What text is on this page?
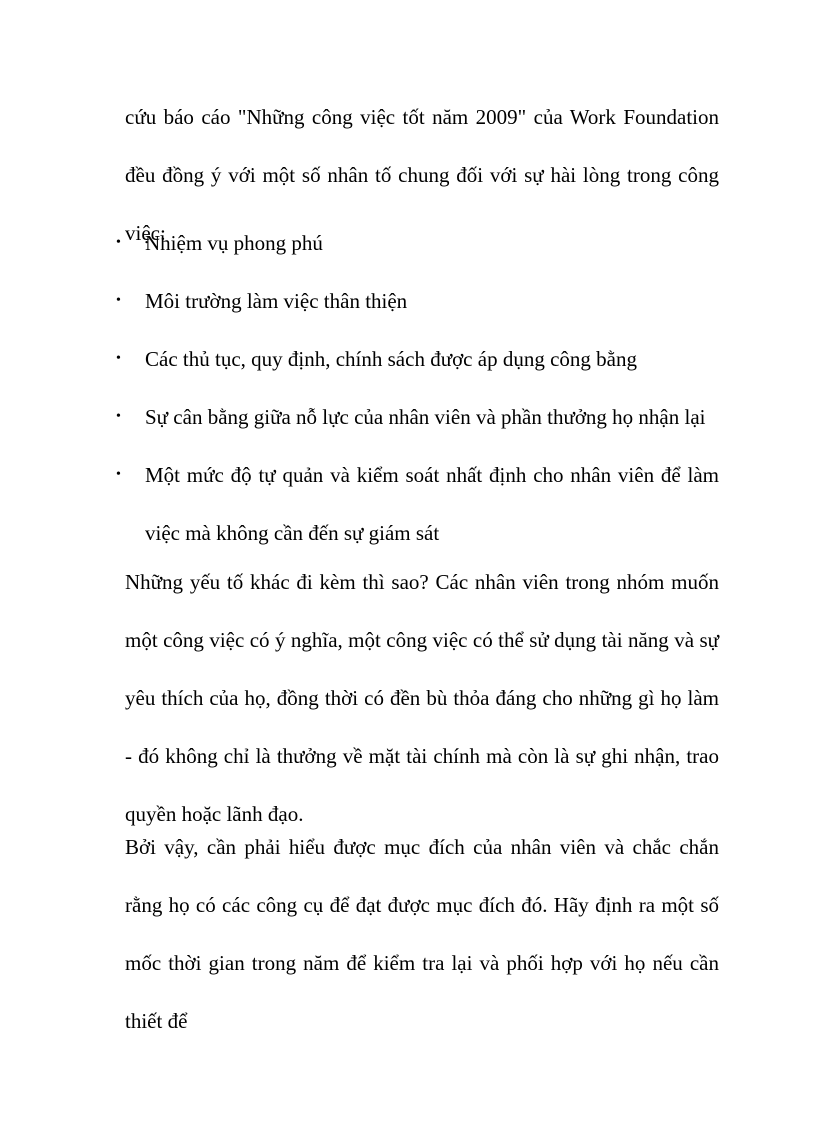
cứu báo cáo "Những công việc tốt năm 2009" của Work Foundation đều đồng ý với một số nhân tố chung đối với sự hài lòng trong công việc:

• Nhiệm vụ phong phú
• Môi trường làm việc thân thiện
• Các thủ tục, quy định, chính sách được áp dụng công bằng
• Sự cân bằng giữa nỗ lực của nhân viên và phần thưởng họ nhận lại
• Một mức độ tự quản và kiểm soát nhất định cho nhân viên để làm việc mà không cần đến sự giám sát

Những yếu tố khác đi kèm thì sao? Các nhân viên trong nhóm muốn một công việc có ý nghĩa, một công việc có thể sử dụng tài năng và sự yêu thích của họ, đồng thời có đền bù thỏa đáng cho những gì họ làm - đó không chỉ là thưởng về mặt tài chính mà còn là sự ghi nhận, trao quyền hoặc lãnh đạo.

Bởi vậy, cần phải hiểu được mục đích của nhân viên và chắc chắn rằng họ có các công cụ để đạt được mục đích đó. Hãy định ra một số mốc thời gian trong năm để kiểm tra lại và phối hợp với họ nếu cần thiết để
